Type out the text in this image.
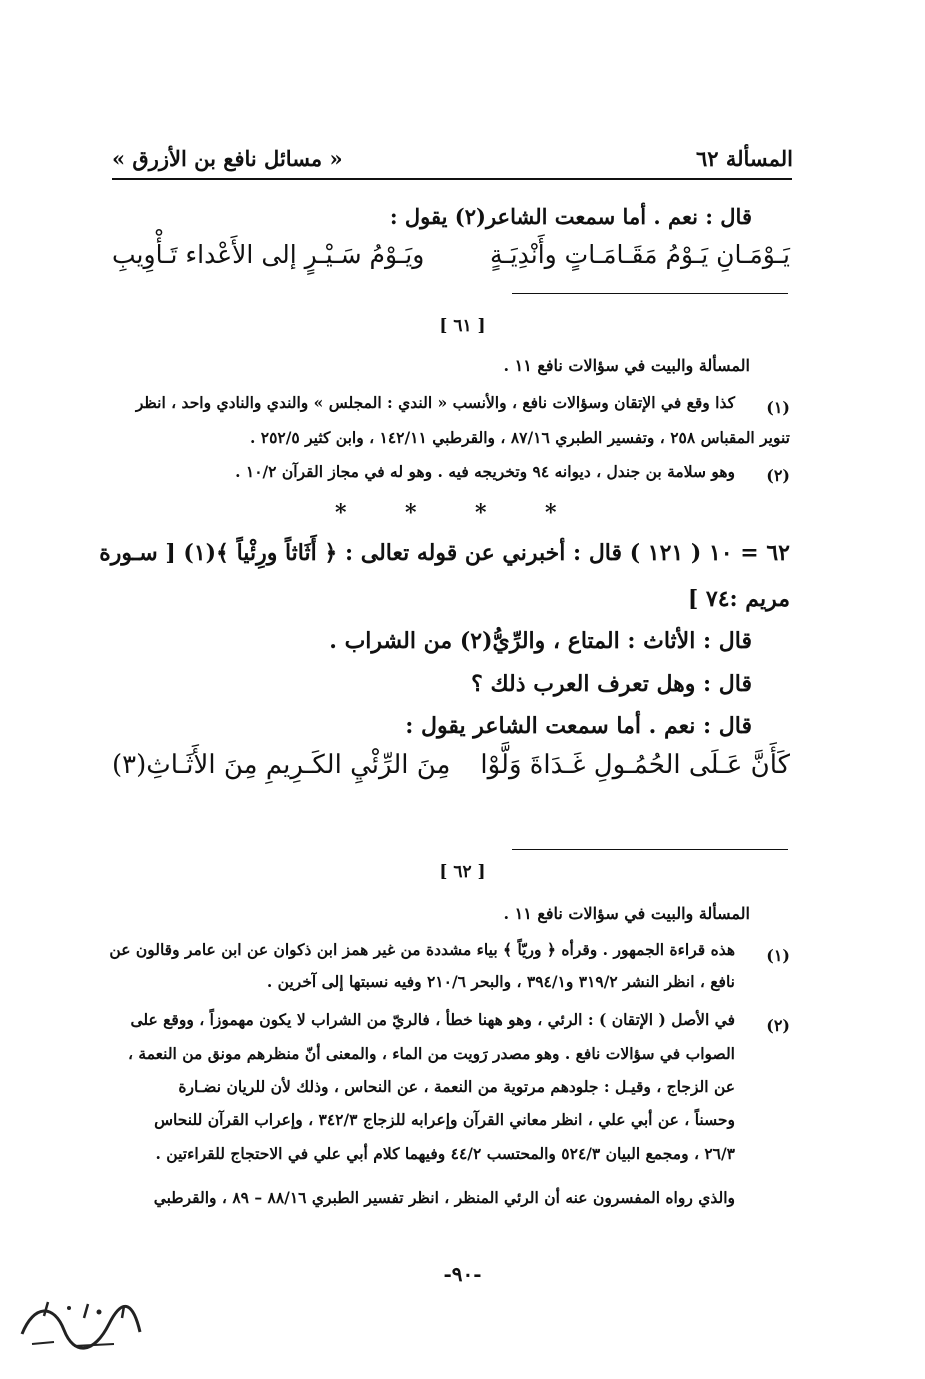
« مسائل نافع بن الأزرق »	المسألة ٦٢
قال : نعم . أما سمعت الشاعر(٢) يقول :
يَـوْمَـانِ يَـوْمُ مَقَـامَـاتٍ وأَنْدِيَـةٍ
ويَـوْمُ سَـيْـرٍ إلى الأَعْداء تَـأْوِيبِ
[ ٦١ ]
المسألة والبيت في سؤالات نافع ١١ .
(١)
كذا وقع في الإتقان وسؤالات نافع ، والأنسب « الندي : المجلس » والندي والنادي واحد ، انظر
تنوير المقباس ٢٥٨ ، وتفسير الطبري ٨٧/١٦ ، والقرطبي ١٤٢/١١ ، وابن كثير ٢٥٢/٥ .
(٢)
وهو سلامة بن جندل ، ديوانه ٩٤ وتخريجه فيه . وهو له في مجاز القرآن ١٠/٢ .
*	*	*	*
٦٢ = ١٠ ( ١٢١ ) قال : أخبرني عن قوله تعالى : ﴿ أَثَاثاً ورِئْياً ﴾(١) [ سـورة
مريم :٧٤ ]
قال : الأثاث : المتاع ، والرِّيُّ(٢) من الشراب .
قال : وهل تعرف العرب ذلك ؟
قال : نعم . أما سمعت الشاعر يقول :
كَأَنَّ عَـلَى الحُمُـولِ غَـدَاةَ وَلَّوْا
مِنَ الرِّئْيِ الكَـرِيمِ مِنَ الأَثَـاثِ(٣)
[ ٦٢ ]
المسألة والبيت في سؤالات نافع ١١ .
(١)
هذه قراءة الجمهور . وقرأه ﴿ وريّاً ﴾ بياء مشددة من غير همز ابن ذكوان عن ابن عامر وقالون عن
نافع ، انظر النشر ٣١٩/٢ و٣٩٤/١ ، والبحر ٢١٠/٦ وفيه نسبتها إلى آخرين .
(٢)
في الأصل ( الإتقان ) : الرئي ، وهو ههنا خطأ ، فالريّ من الشراب لا يكون مهموزاً ، ووقع على
الصواب في سؤالات نافع . وهو مصدر رَويت من الماء ، والمعنى أنّ منظرهم مونق من النعمة ،
عن الزجاج ، وقيـل : جلودهم مرتوية من النعمة ، عن النحاس ، وذلك لأن للريان نضـارة
وحسناً ، عن أبي علي ، انظر معاني القرآن وإعرابه للزجاج ٣٤٢/٣ ، وإعراب القرآن للنحاس
٢٦/٣ ، ومجمع البيان ٥٢٤/٣ والمحتسب ٤٤/٢ وفيهما كلام أبي علي في الاحتجاج للقراءتين .
والذي رواه المفسرون عنه أن الرئي المنظر ، انظر تفسير الطبري ٨٨/١٦ – ٨٩ ، والقرطبي
-٩٠-
